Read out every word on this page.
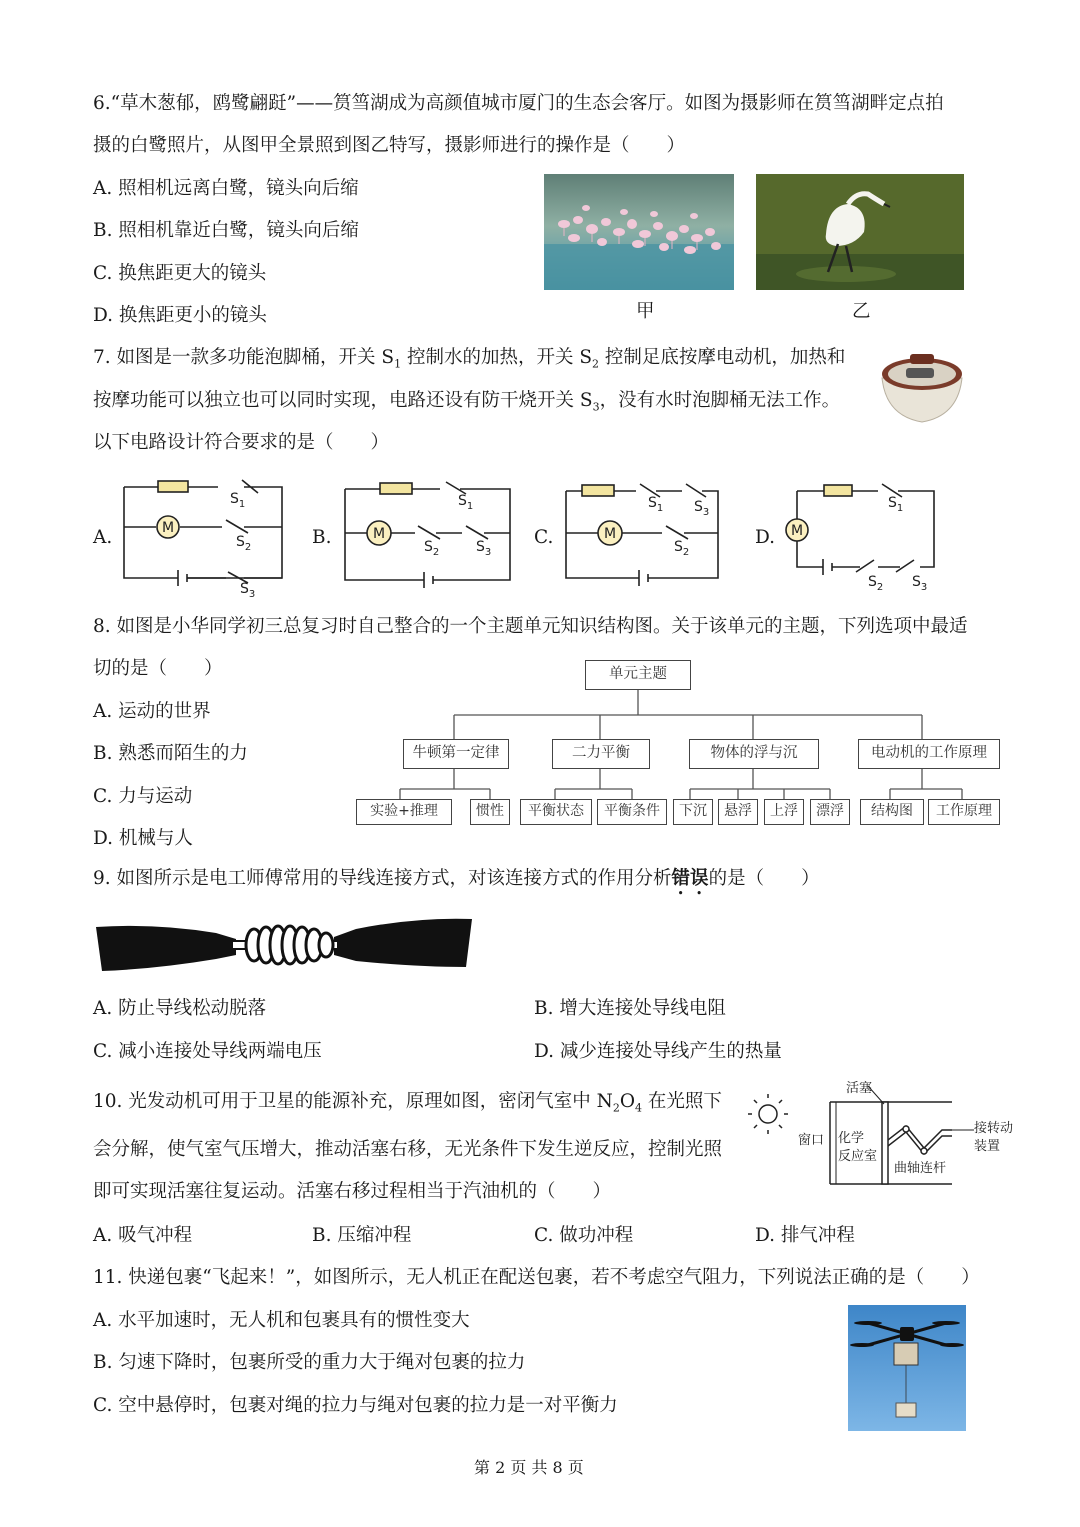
6.“草木葱郁，鸥鹭翩跹”——筼筜湖成为高颜值城市厦门的生态会客厅。如图为摄影师在筼筜湖畔定点拍
摄的白鹭照片，从图甲全景照到图乙特写，摄影师进行的操作是（　　）
A. 照相机远离白鹭，镜头向后缩
B. 照相机靠近白鹭，镜头向后缩
C. 换焦距更大的镜头
D. 换焦距更小的镜头	甲	乙
7. 如图是一款多功能泡脚桶，开关 $S_1$ 控制水的加热，开关 $S_2$ 控制足底按摩电动机，加热和
按摩功能可以独立也可以同时实现，电路还设有防干烧开关 $S_3$，没有水时泡脚桶无法工作。
以下电路设计符合要求的是（　　）
A.	B.	C.	D.
M	M	M	M
$S_1$
$S_2$
$S_3$
$S_1$
$S_2$	$S_3$
$S_1$ $S_3$
$S_2$
$S_1$
$S_2$ $S_3$
8. 如图是小华同学初三总复习时自己整合的一个主题单元知识结构图。关于该单元的主题，下列选项中最适
切的是（　　）
A. 运动的世界
B. 熟悉而陌生的力
C. 力与运动
D. 机械与人
单元主题
牛顿第一定律	二力平衡	物体的浮与沉	电动机的工作原理
实验+推理	惯性	平衡状态	平衡条件	下沉	悬浮	上浮	漂浮	结构图	工作原理
9. 如图所示是电工师傅常用的导线连接方式，对该连接方式的作用分析错误的是（　　）
A. 防止导线松动脱落	B. 增大连接处导线电阻
C. 减小连接处导线两端电压	D. 减少连接处导线产生的热量
10. 光发动机可用于卫星的能源补充，原理如图，密闭气室中 $N_2O_4$ 在光照下
会分解，使气室气压增大，推动活塞右移，无光条件下发生逆反应，控制光照
即可实现活塞往复运动。活塞右移过程相当于汽油机的（　　）
A. 吸气冲程	B. 压缩冲程	C. 做功冲程	D. 排气冲程
活塞
窗口 化学
反应室
曲轴连杆
接转动
装置
11. 快递包裹“飞起来！”，如图所示，无人机正在配送包裹，若不考虑空气阻力，下列说法正确的是（　　）
A. 水平加速时，无人机和包裹具有的惯性变大
B. 匀速下降时，包裹所受的重力大于绳对包裹的拉力
C. 空中悬停时，包裹对绳的拉力与绳对包裹的拉力是一对平衡力
第 2 页 共 8 页
